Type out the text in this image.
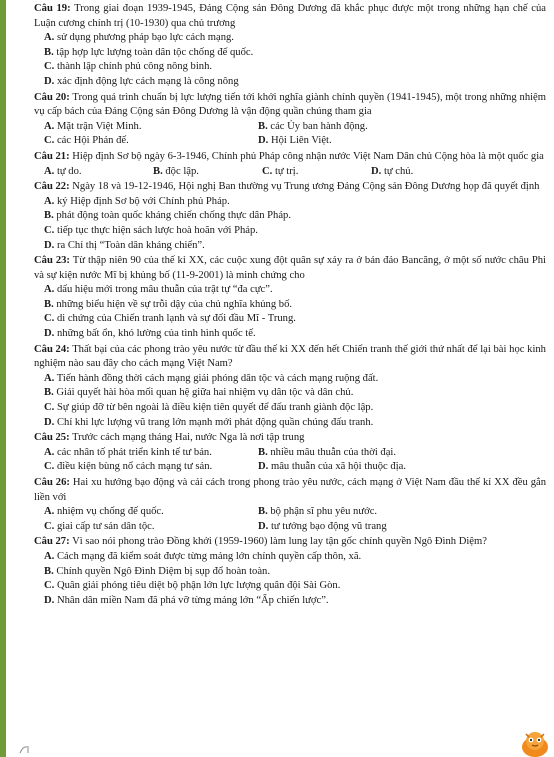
Câu 19: Trong giai đoạn 1939-1945, Đảng Cộng sản Đông Dương đã khắc phục được một trong những hạn chế của Luận cương chính trị (10-1930) qua chủ trương
A. sử dụng phương pháp bạo lực cách mạng.
B. tập hợp lực lượng toàn dân tộc chống đế quốc.
C. thành lập chính phủ công nông binh.
D. xác định động lực cách mạng là công nông
Câu 20: Trong quá trình chuẩn bị lực lượng tiến tới khởi nghĩa giành chính quyền (1941-1945), một trong những nhiệm vụ cấp bách của Đảng Cộng sản Đông Dương là vận động quần chúng tham gia
A. Mặt trận Việt Minh.	B. các Ủy ban hành động.
C. các Hội Phản đế.	D. Hội Liên Việt.
Câu 21: Hiệp định Sơ bộ ngày 6-3-1946, Chính phủ Pháp công nhận nước Việt Nam Dân chủ Cộng hòa là một quốc gia
A. tự do.	B. độc lập.	C. tự trị.	D. tự chủ.
Câu 22: Ngày 18 và 19-12-1946, Hội nghị Ban thường vụ Trung ương Đảng Cộng sản Đông Dương họp đã quyết định
A. ký Hiệp định Sơ bộ với Chính phủ Pháp.
B. phát động toàn quốc kháng chiến chống thực dân Pháp.
C. tiếp tục thực hiện sách lược hoà hoãn với Pháp.
D. ra Chỉ thị “Toàn dân kháng chiến”.
Câu 23: Từ thập niên 90 của thế kỉ XX, các cuộc xung đột quân sự xảy ra ở bán đảo Bancăng, ở một số nước châu Phi và sự kiện nước Mĩ bị khủng bố (11-9-2001) là minh chứng cho
A. dấu hiệu mới trong mâu thuẫn của trật tự “đa cực”.
B. những biểu hiện về sự trỗi dậy của chủ nghĩa khủng bố.
C. di chứng của Chiến tranh lạnh và sự đối đầu Mĩ - Trung.
D. những bất ổn, khó lường của tình hình quốc tế.
Câu 24: Thất bại của các phong trào yêu nước từ đầu thế kỉ XX đến hết Chiến tranh thế giới thứ nhất để lại bài học kinh nghiệm nào sau đây cho cách mạng Việt Nam?
A. Tiến hành đồng thời cách mạng giải phóng dân tộc và cách mạng ruộng đất.
B. Giải quyết hài hòa mối quan hệ giữa hai nhiệm vụ dân tộc và dân chủ.
C. Sự giúp đỡ từ bên ngoài là điều kiện tiên quyết để đấu tranh giành độc lập.
D. Chỉ khi lực lượng vũ trang lớn mạnh mới phát động quần chúng đấu tranh.
Câu 25: Trước cách mạng tháng Hai, nước Nga là nơi tập trung
A. các nhân tố phát triển kinh tế tư bản.	B. nhiều mâu thuẫn của thời đại.
C. điều kiện bùng nổ cách mạng tư sản.	D. mâu thuẫn của xã hội thuộc địa.
Câu 26: Hai xu hướng bạo động và cải cách trong phong trào yêu nước, cách mạng ở Việt Nam đầu thế kỉ XX đều gắn liền với
A. nhiệm vụ chống đế quốc.	B. bộ phận sĩ phu yêu nước.
C. giai cấp tư sản dân tộc.	D. tư tưởng bạo động vũ trang
Câu 27: Vì sao nói phong trào Đồng khởi (1959-1960) làm lung lay tận gốc chính quyền Ngô Đình Diệm?
A. Cách mạng đã kiểm soát được từng mảng lớn chính quyền cấp thôn, xã.
B. Chính quyền Ngô Đình Diệm bị sụp đổ hoàn toàn.
C. Quân giải phóng tiêu diệt bộ phận lớn lực lượng quân đội Sài Gòn.
D. Nhân dân miền Nam đã phá vỡ từng mảng lớn “Ấp chiến lược”.
